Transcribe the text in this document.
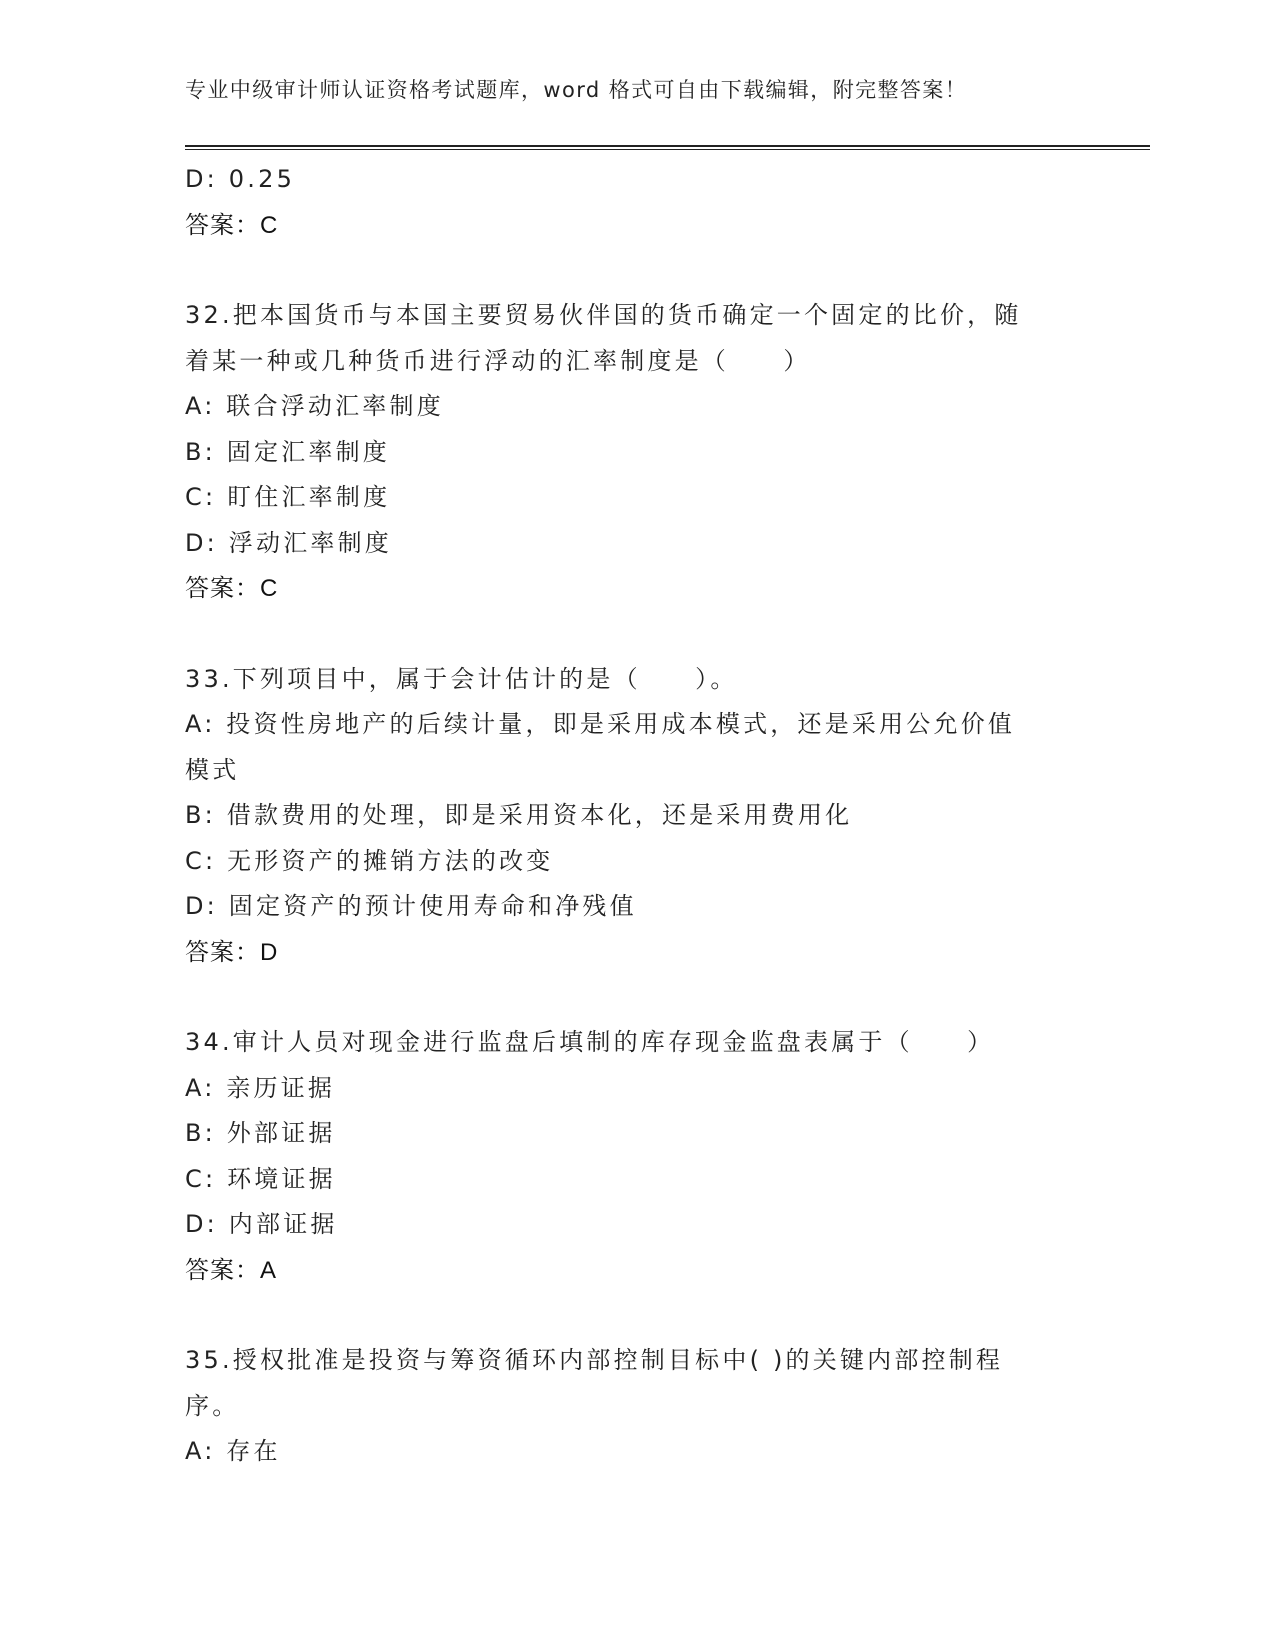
专业中级审计师认证资格考试题库，word 格式可自由下载编辑，附完整答案！
D: 0.25
答案：C
32.把本国货币与本国主要贸易伙伴国的货币确定一个固定的比价，随
着某一种或几种货币进行浮动的汇率制度是（　　）
A: 联合浮动汇率制度
B: 固定汇率制度
C: 盯住汇率制度
D: 浮动汇率制度
答案：C
33.下列项目中，属于会计估计的是（　　）。
A: 投资性房地产的后续计量，即是采用成本模式，还是采用公允价值
模式
B: 借款费用的处理，即是采用资本化，还是采用费用化
C: 无形资产的摊销方法的改变
D: 固定资产的预计使用寿命和净残值
答案：D
34.审计人员对现金进行监盘后填制的库存现金监盘表属于（　　）
A: 亲历证据
B: 外部证据
C: 环境证据
D: 内部证据
答案：A
35.授权批准是投资与筹资循环内部控制目标中( )的关键内部控制程
序。
A: 存在
